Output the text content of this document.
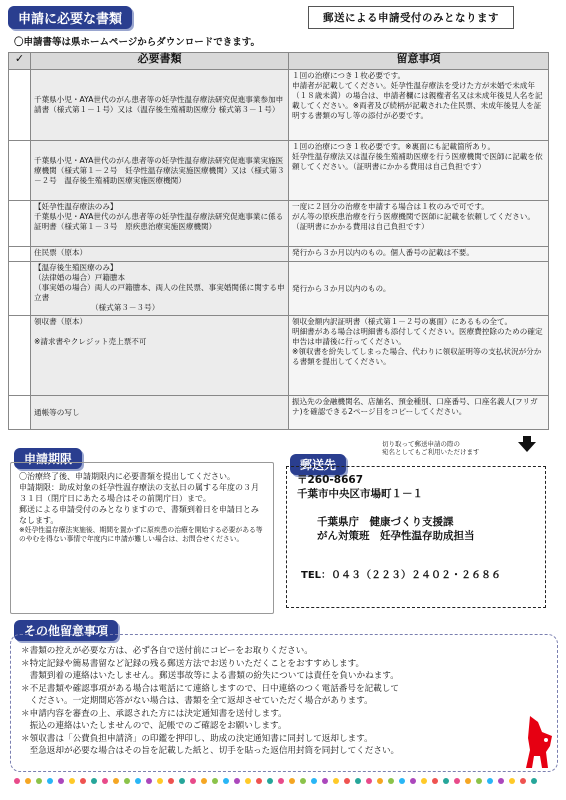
申請に必要な書類	郵送による申請受付のみとなります
〇申請書等は県ホームページからダウンロードできます。
✓	必要書類	留意事項
	千葉県小児・AYA世代のがん患者等の妊孕性温存療法研究促進事業参加申請書（様式第１－１号）又は（温存後生殖補助医療分 様式第３－１号）	１回の治療につき１枚必要です。
申請者が記載してください。妊孕性温存療法を受けた方が未婚で未成年（１８歳未満）の場合は、申請者欄には親権者名又は未成年後見人名を記載してください。※両者及び続柄が記載された住民票、未成年後見人を証明する書類の写し等の添付が必要です。
	千葉県小児・AYA世代のがん患者等の妊孕性温存療法研究促進事業実施医療機関（様式第１－２号　妊孕性温存療法実施医療機関）又は（様式第３－２号　温存後生殖補助医療実施医療機関）	１回の治療につき１枚必要です。※裏面にも記載箇所あり。
妊孕性温存療法又は温存後生殖補助医療を行う医療機関で医師に記載を依頼してください。（証明書にかかる費用は自己負担です）
	【妊孕性温存療法のみ】
千葉県小児・AYA世代のがん患者等の妊孕性温存療法研究促進事業に係る証明書（様式第１－３号　原疾患治療実施医療機関）	一度に２回分の治療を申請する場合は１枚のみで可です。
がん等の原疾患治療を行う医療機関で医師に記載を依頼してください。（証明書にかかる費用は自己負担です）
	住民票（原本）	発行から３か月以内のもの。個人番号の記載は不要。
	【温存後生殖医療のみ】
（法律婚の場合）戸籍謄本
（事実婚の場合）両人の戸籍謄本、両人の住民票、事実婚関係に関する申立書
　　　　　　　　（様式第３－３号）	発行から３か月以内のもの。
	領収書（原本）

※請求書やクレジット売上票不可	領収金額内訳証明書（様式第１－２号の裏面）にあるもの全て。
明細書がある場合は明細書も添付してください。医療費控除のための確定申告は申請後に行ってください。
※領収書を紛失してしまった場合、代わりに領収証明等の支払状況が分かる書類を提出してください。
	通帳等の写し	振込先の金融機関名、店舗名、預金種別、口座番号、口座名義人(フリガナ)を確認できる2ページ目をコピーしてください。
切り取って郵送申請の際の
宛名としてもご利用いただけます
申請期限
〇治療終了後、申請期限内に必要書類を提出してください。
申請期限：助成対象の妊孕性温存療法の支払日の属する年度の３月３１日（閉庁日にあたる場合はその前開庁日）まで。
郵送による申請受付のみとなりますので、書類到着日を申請日とみなします。
※妊孕性温存療法実施後、期間を置かずに原疾患の治療を開始する必要がある等のやむを得ない事情で年度内に申請が難しい場合は、お問合せください。
郵送先
〒260-8667
千葉市中央区市場町１－１
千葉県庁　健康づくり支援課
がん対策班　妊孕性温存助成担当
TEL：０４３（２２３）２４０２・２６８６
その他留意事項
＊書類の控えが必要な方は、必ず各自で送付前にコピーをお取りください。
＊特定記録や簡易書留など記録の残る郵送方法でお送りいただくことをおすすめします。
　書類到着の連絡はいたしません。郵送事故等による書類の紛失については責任を負いかねます。
＊不足書類や確認事項がある場合は電話にて連絡しますので、日中連絡のつく電話番号を記載して
　ください。一定期間応答がない場合は、書類を全て返却させていただく場合があります。
＊申請内容を審査の上、承認された方には決定通知書を送付します。
　振込の連絡はいたしませんので、記帳でのご確認をお願いします。
＊領収書は「公費負担申請済」の印鑑を押印し、助成の決定通知書に同封して返却します。
　至急返却が必要な場合はその旨を記載した紙と、切手を貼った返信用封筒を同封してください。
